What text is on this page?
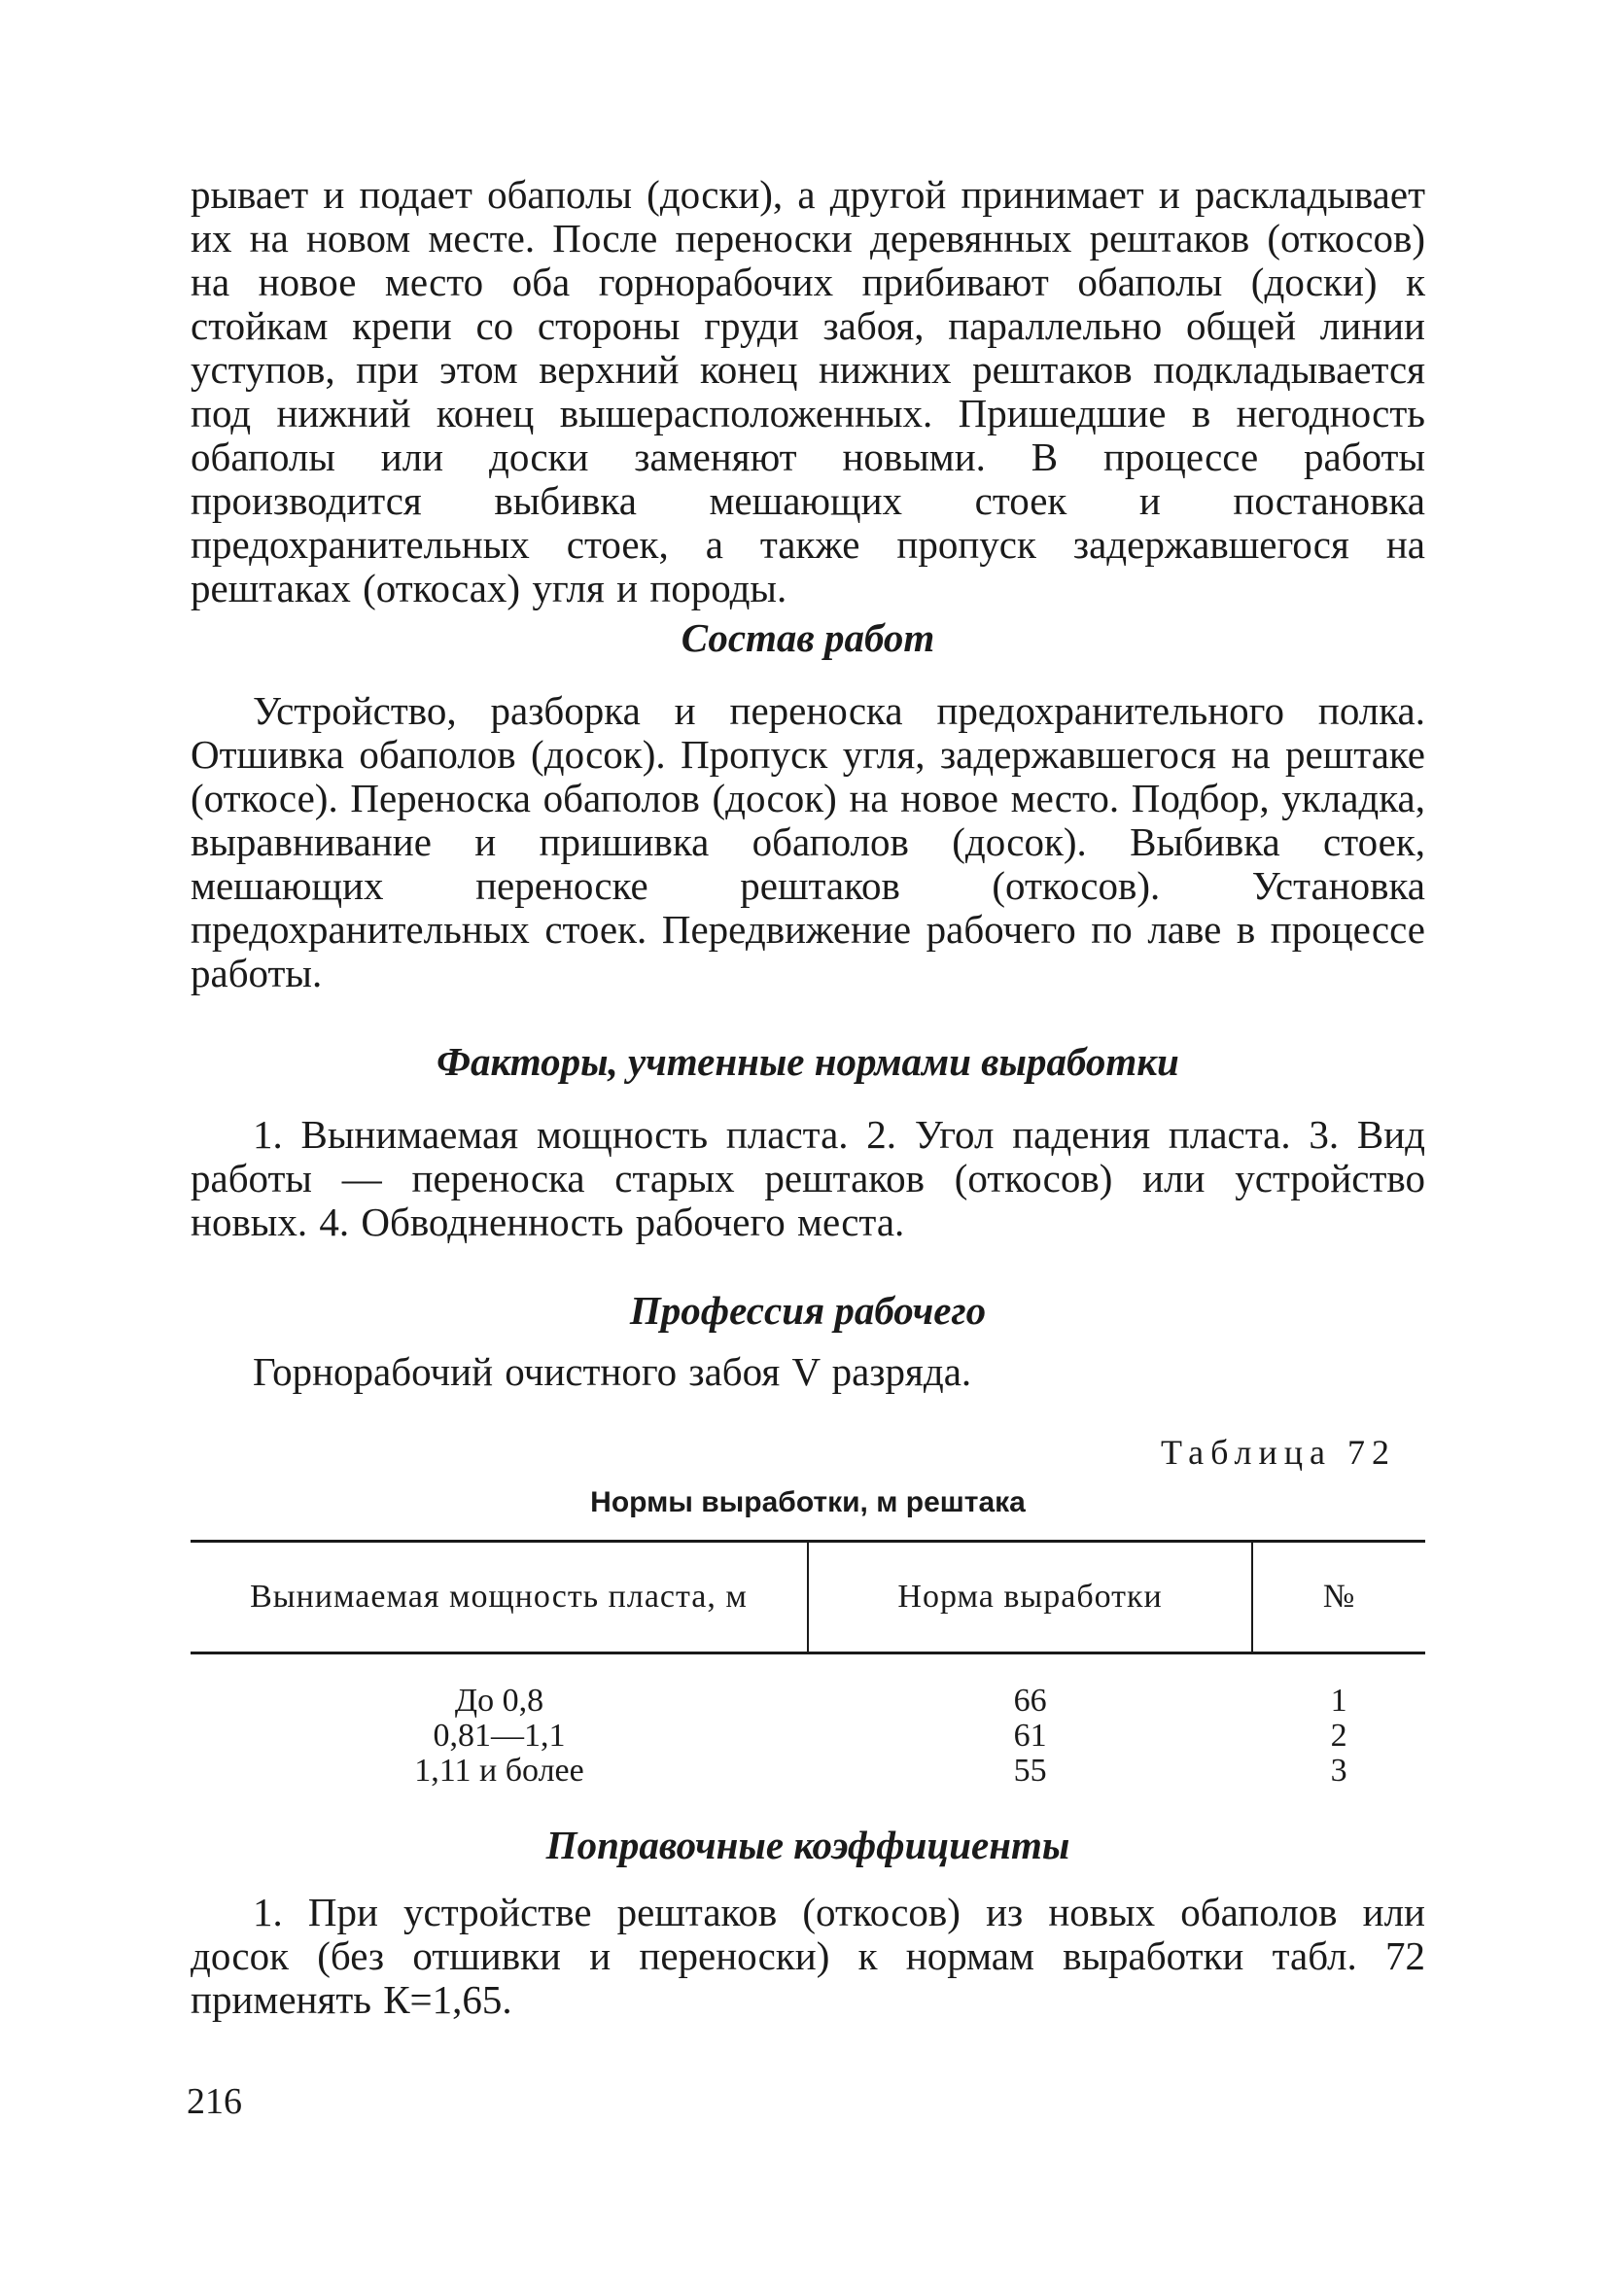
рывает и подает обаполы (доски), а другой принимает и раскладывает их на новом месте. После переноски деревянных рештаков (откосов) на новое место оба горнорабочих прибивают обаполы (доски) к стойкам крепи со стороны груди забоя, параллельно общей линии уступов, при этом верхний конец нижних рештаков подкладывается под нижний конец вышерасположенных. Пришедшие в негодность обаполы или доски заменяют новыми. В процессе работы производится выбивка мешающих стоек и постановка предохранительных стоек, а также пропуск задержавшегося на рештаках (откосах) угля и породы.

Состав работ

Устройство, разборка и переноска предохранительного полка. Отшивка обаполов (досок). Пропуск угля, задержавшегося на рештаке (откосе). Переноска обаполов (досок) на новое место. Подбор, укладка, выравнивание и пришивка обаполов (досок). Выбивка стоек, мешающих переноске рештаков (откосов). Установка предохранительных стоек. Передвижение рабочего по лаве в процессе работы.

Факторы, учтенные нормами выработки

1. Вынимаемая мощность пласта. 2. Угол падения пласта. 3. Вид работы — переноска старых рештаков (откосов) или устройство новых. 4. Обводненность рабочего места.

Профессия рабочего

Горнорабочий очистного забоя V разряда.

Таблица 72
Нормы выработки, м рештака
Вынимаемая мощность пласта, м	Норма выработки	№
До 0,8	66	1
0,81—1,1	61	2
1,11 и более	55	3
Поправочные коэффициенты

1. При устройстве рештаков (откосов) из новых обаполов или досок (без отшивки и переноски) к нормам выработки табл. 72 применять К=1,65.

216
